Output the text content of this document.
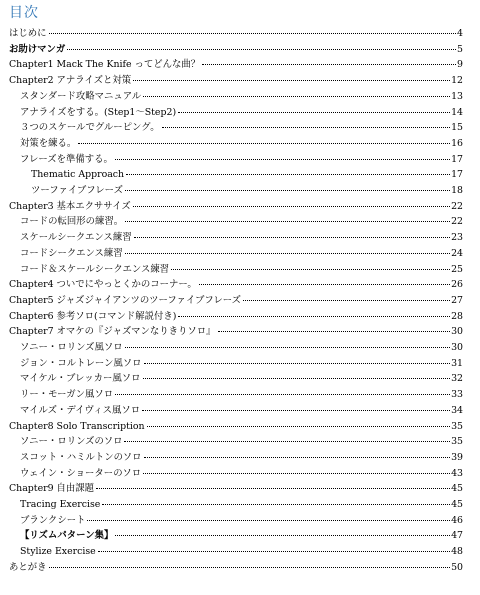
目次
はじめに	4
お助けマンガ	5
Chapter1 Mack The Knife ってどんな曲？	9
Chapter2 アナライズと対策	12
スタンダード攻略マニュアル	13
アナライズをする。(Step1〜Step2)	14
３つのスケールでグルーピング。	15
対策を練る。	16
フレーズを準備する。	17
Thematic Approach	17
ツーファイブフレーズ	18
Chapter3 基本エクササイズ	22
コードの転回形の練習。	22
スケールシークエンス練習	23
コードシークエンス練習	24
コード＆スケールシークエンス練習	25
Chapter4 ついでにやっとくかのコーナー。	26
Chapter5 ジャズジャイアンツのツーファイブフレーズ	27
Chapter6 参考ソロ(コマンド解説付き)	28
Chapter7 オマケの『ジャズマンなりきりソロ』	30
ソニー・ロリンズ風ソロ	30
ジョン・コルトレーン風ソロ	31
マイケル・ブレッカー風ソロ	32
リー・モーガン風ソロ	33
マイルズ・デイヴィス風ソロ	34
Chapter8 Solo Transcription	35
ソニー・ロリンズのソロ	35
スコット・ハミルトンのソロ	39
ウェイン・ショーターのソロ	43
Chapter9 自由課題	45
Tracing Exercise	45
ブランクシート	46
【リズムパターン集】	47
Stylize Exercise	48
あとがき	50
